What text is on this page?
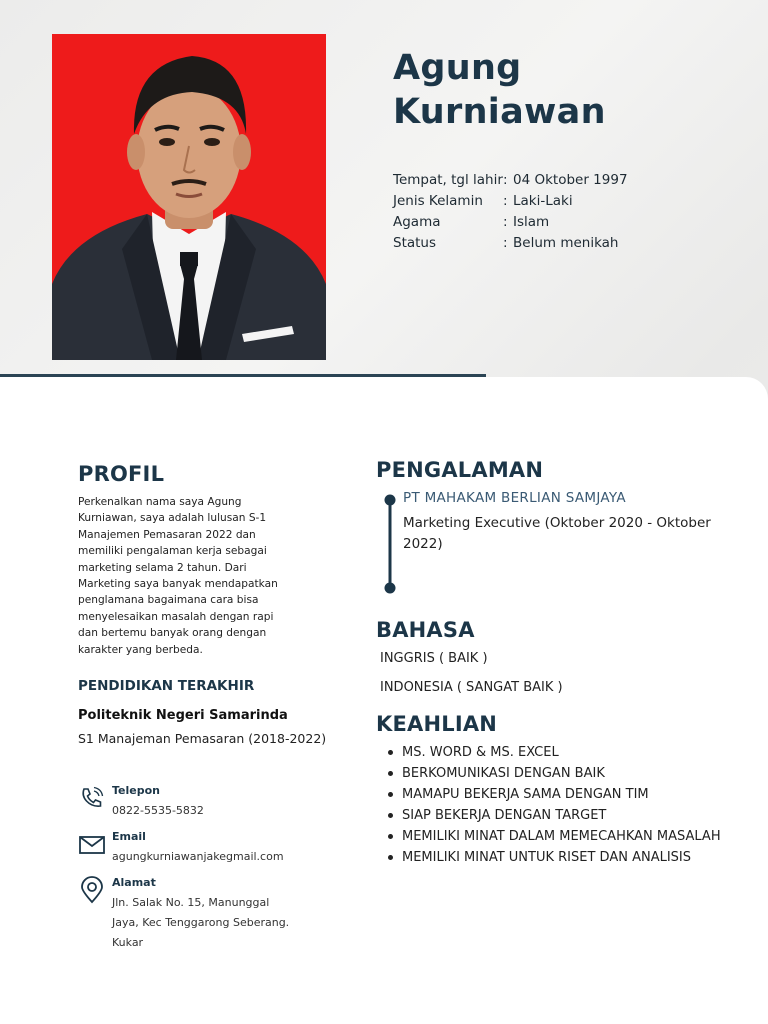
Agung
Kurniawan
Tempat, tgl lahir : 04 Oktober 1997
Jenis Kelamin	: Laki-Laki
Agama	: Islam
Status	: Belum menikah
PROFIL

Perkenalkan nama saya Agung Kurniawan, saya adalah lulusan S-1 Manajemen Pemasaran 2022 dan memiliki pengalaman kerja sebagai marketing selama 2 tahun. Dari Marketing saya banyak mendapatkan penglamana bagaimana cara bisa menyelesaikan masalah dengan rapi dan bertemu banyak orang dengan karakter yang berbeda.

PENDIDIKAN TERAKHIR
Politeknik Negeri Samarinda
S1 Manajeman Pemasaran (2018-2022)
Telepon
0822-5535-5832
Email
agungkurniawanjakegmail.com
Alamat
Jln. Salak No. 15, Manunggal
Jaya, Kec Tenggarong Seberang.
Kukar
PENGALAMAN
PT MAHAKAM BERLIAN SAMJAYA
Marketing Executive (Oktober 2020 - Oktober 2022)
BAHASA
INGGRIS ( BAIK )
INDONESIA ( SANGAT BAIK )
KEAHLIAN
MS. WORD & MS. EXCEL
BERKOMUNIKASI DENGAN BAIK
MAMAPU BEKERJA SAMA DENGAN TIM
SIAP BEKERJA DENGAN TARGET
MEMILIKI MINAT DALAM MEMECAHKAN MASALAH
MEMILIKI MINAT UNTUK RISET DAN ANALISIS
